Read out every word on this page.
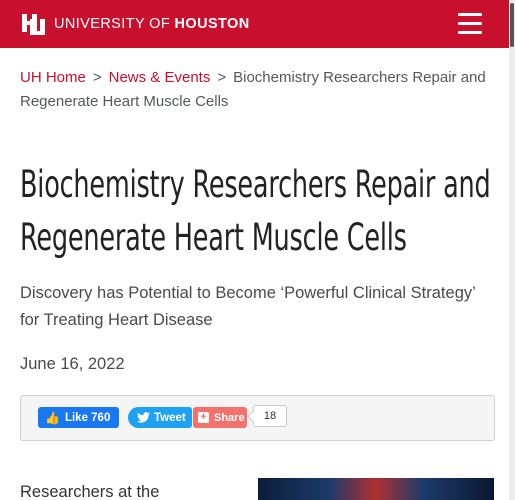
UNIVERSITY OF HOUSTON
UH Home > News & Events > Biochemistry Researchers Repair and Regenerate Heart Muscle Cells
Biochemistry Researchers Repair and Regenerate Heart Muscle Cells

Discovery has Potential to Become ‘Powerful Clinical Strategy’ for Treating Heart Disease

June 16, 2022
👍 Like 760	Tweet + Share	18
Researchers at the
